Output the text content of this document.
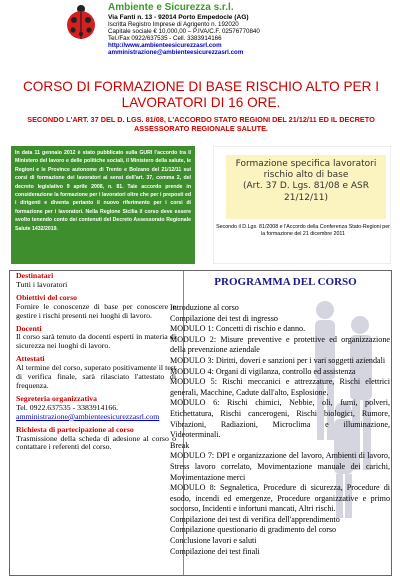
Ambiente e Sicurezza s.r.l.
Via Fanti n. 13 - 92014 Porto Empedocle (AG)
Iscritta Registro Imprese di Agrigento n. 192020
Capitale sociale € 10.000,00 – P.IVA/C.F. 02576770840
Tel./Fax 0922/637535 - Cell. 3383914166
http://www.ambienteesicurezzasrl.com
amministrazione@ambienteesicurezzasrl.com
CORSO DI FORMAZIONE DI BASE RISCHIO ALTO PER I
LAVORATORI DI 16 ORE.
SECONDO L'ART. 37 DEL D. LGS. 81/08, L'ACCORDO STATO REGIONI DEL 21/12/11 ED IL DECRETO ASSESSORATO REGIONALE SALUTE.
In data 11 gennaio 2012 è stato pubblicato sulla GURI l'accordo tra il Ministero del lavoro e delle politiche sociali, il Ministero della salute, le Regioni e le Province autonome di Trento e Bolzano del 21/12/11 sui corsi di formazione dei lavoratori ai sensi dell'art. 37, comma 2, del decreto legislativo 9 aprile 2008, n. 81. Tale accordo prende in considerazione la formazione per i lavoratori oltre che per i preposti ed i dirigenti e diventa pertanto il nuovo riferimento per i corsi di formazione per i lavoratori. Nella Regione Sicilia il corso deve essere svolto tenendo conto dei contenuti del Decreto Assessorato Regionale Salute 1432/2019.
Formazione specifica lavoratori
rischio alto di base
(Art. 37 D. Lgs. 81/08 e ASR
21/12/11)
Secondo il D.Lgs. 81/2008 e l'Accordo della Conferenza Stato-Regioni per la formazione del 21 dicembre 2011
Destinatari
Tutti i lavoratori
Obiettivi del corso
Fornire le conoscenze di base per conoscere e gestire i rischi presenti nei luoghi di lavoro.
Docenti
Il corso sarà tenuto da docenti esperti in materia di sicurezza nei luoghi di lavoro.
Attestati
Al termine del corso, superato positivamente il test di verifica finale, sarà rilasciato l'attestato di frequenza.
Segreteria organizzativa
Tel. 0922.637535 - 3383914166.
amministrazione@ambienteesicurezzasrl.com
Richiesta di partecipazione al corso
Trasmissione della scheda di adesione al corso o contattare i referenti del corso.
PROGRAMMA DEL CORSO
Introduzione al corso
Compilazione dei test di ingresso
MODULO 1: Concetti di rischio e danno.
MODULO 2: Misure preventive e protettive ed organizzazione della prevenzione aziendale
MODULO 3: Diritti, doveri e sanzioni per i vari soggetti aziendali
MODULO 4: Organi di vigilanza, controllo ed assistenza
MODULO 5: Rischi meccanici e attrezzature, Rischi elettrici generali, Macchine, Cadute dall'alto, Esplosione.
MODULO 6: Rischi chimici, Nebbie, oli, fumi, polveri, Etichettatura, Rischi cancerogeni, Rischi biologici, Rumore, Vibrazioni, Radiazioni, Microclima e illuminazione, Videoterminali.
Break
MODULO 7: DPI e organizzazione del lavoro, Ambienti di lavoro, Stress lavoro correlato, Movimentazione manuale dei carichi, Movimentazione merci
MODULO 8: Segnaletica, Procedure di sicurezza, Procedure di esodo, incendi ed emergenze, Procedure organizzative e primo soccorso, Incidenti e infortuni mancati, Altri rischi.
Compilazione dei test di verifica dell'apprendimento
Compilazione questionario di gradimento del corso
Conclusione lavori e saluti
Compilazione dei test finali
